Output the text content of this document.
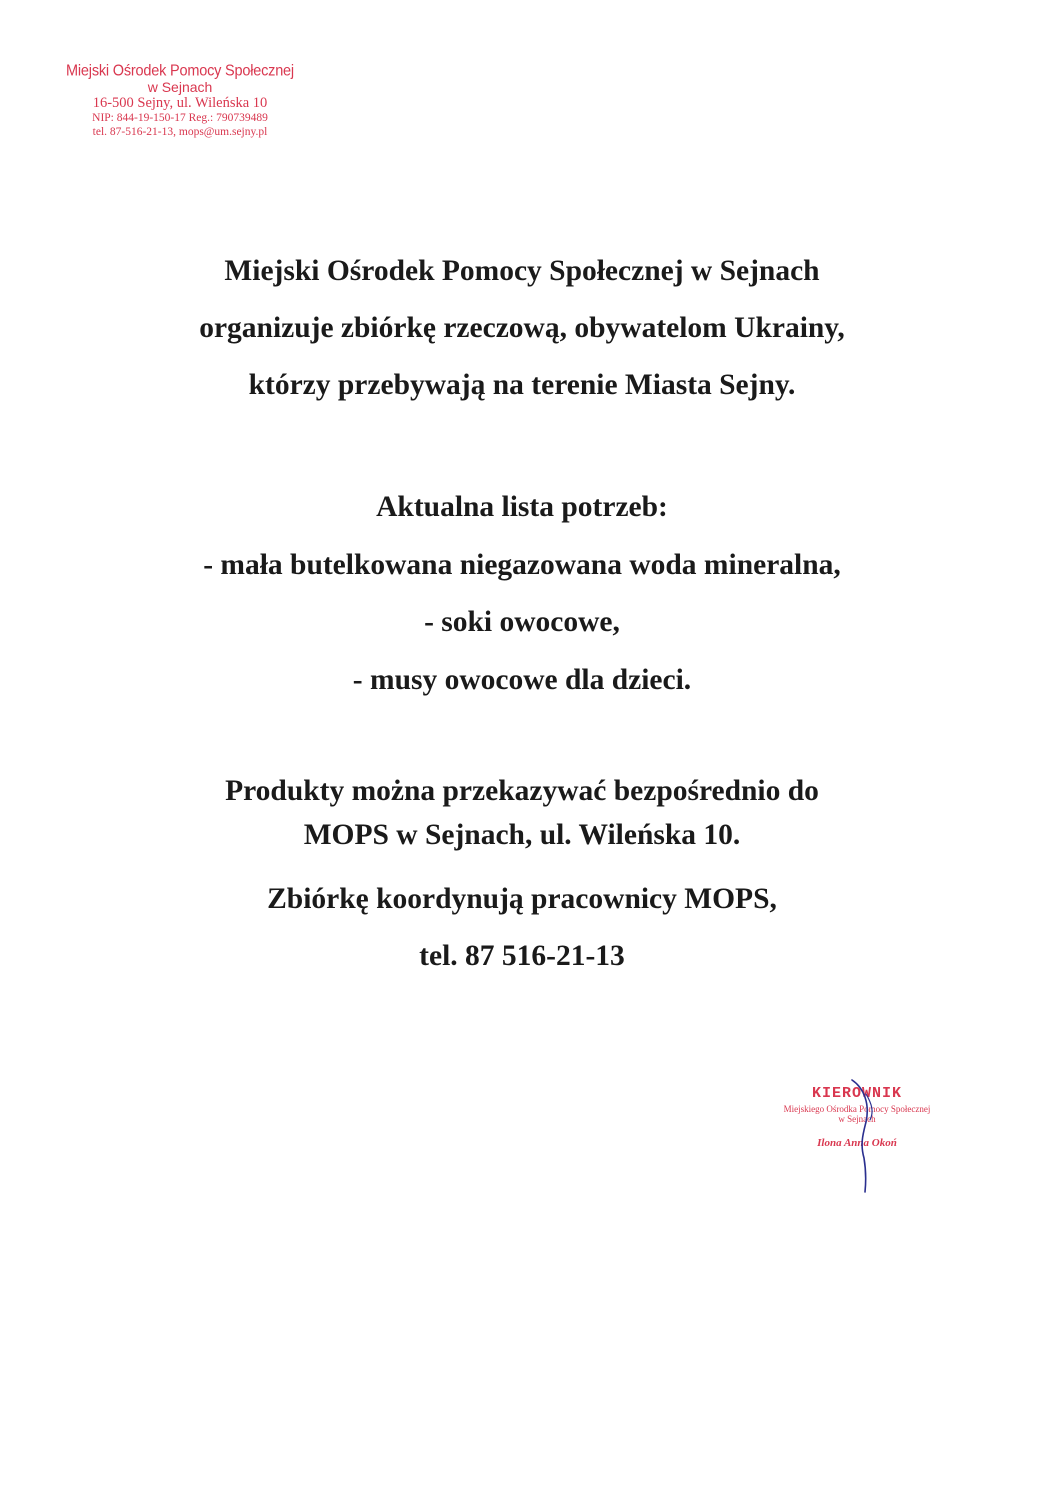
Miejski Ośrodek Pomocy Społecznej
w Sejnach
16-500 Sejny, ul. Wileńska 10
NIP: 844-19-150-17 Reg.: 790739489
tel. 87-516-21-13, mops@um.sejny.pl
Miejski Ośrodek Pomocy Społecznej w Sejnach
organizuje zbiórkę rzeczową, obywatelom Ukrainy,
którzy przebywają na terenie Miasta Sejny.
Aktualna lista potrzeb:
- mała butelkowana niegazowana woda mineralna,
- soki owocowe,
- musy owocowe dla dzieci.
Produkty można przekazywać bezpośrednio do
MOPS w Sejnach, ul. Wileńska 10.
Zbiórkę koordynują pracownicy MOPS,
tel. 87 516-21-13
KIEROWNIK
Miejskiego Ośrodka Pomocy Społecznej
w Sejnach
Ilona Anna Okoń
